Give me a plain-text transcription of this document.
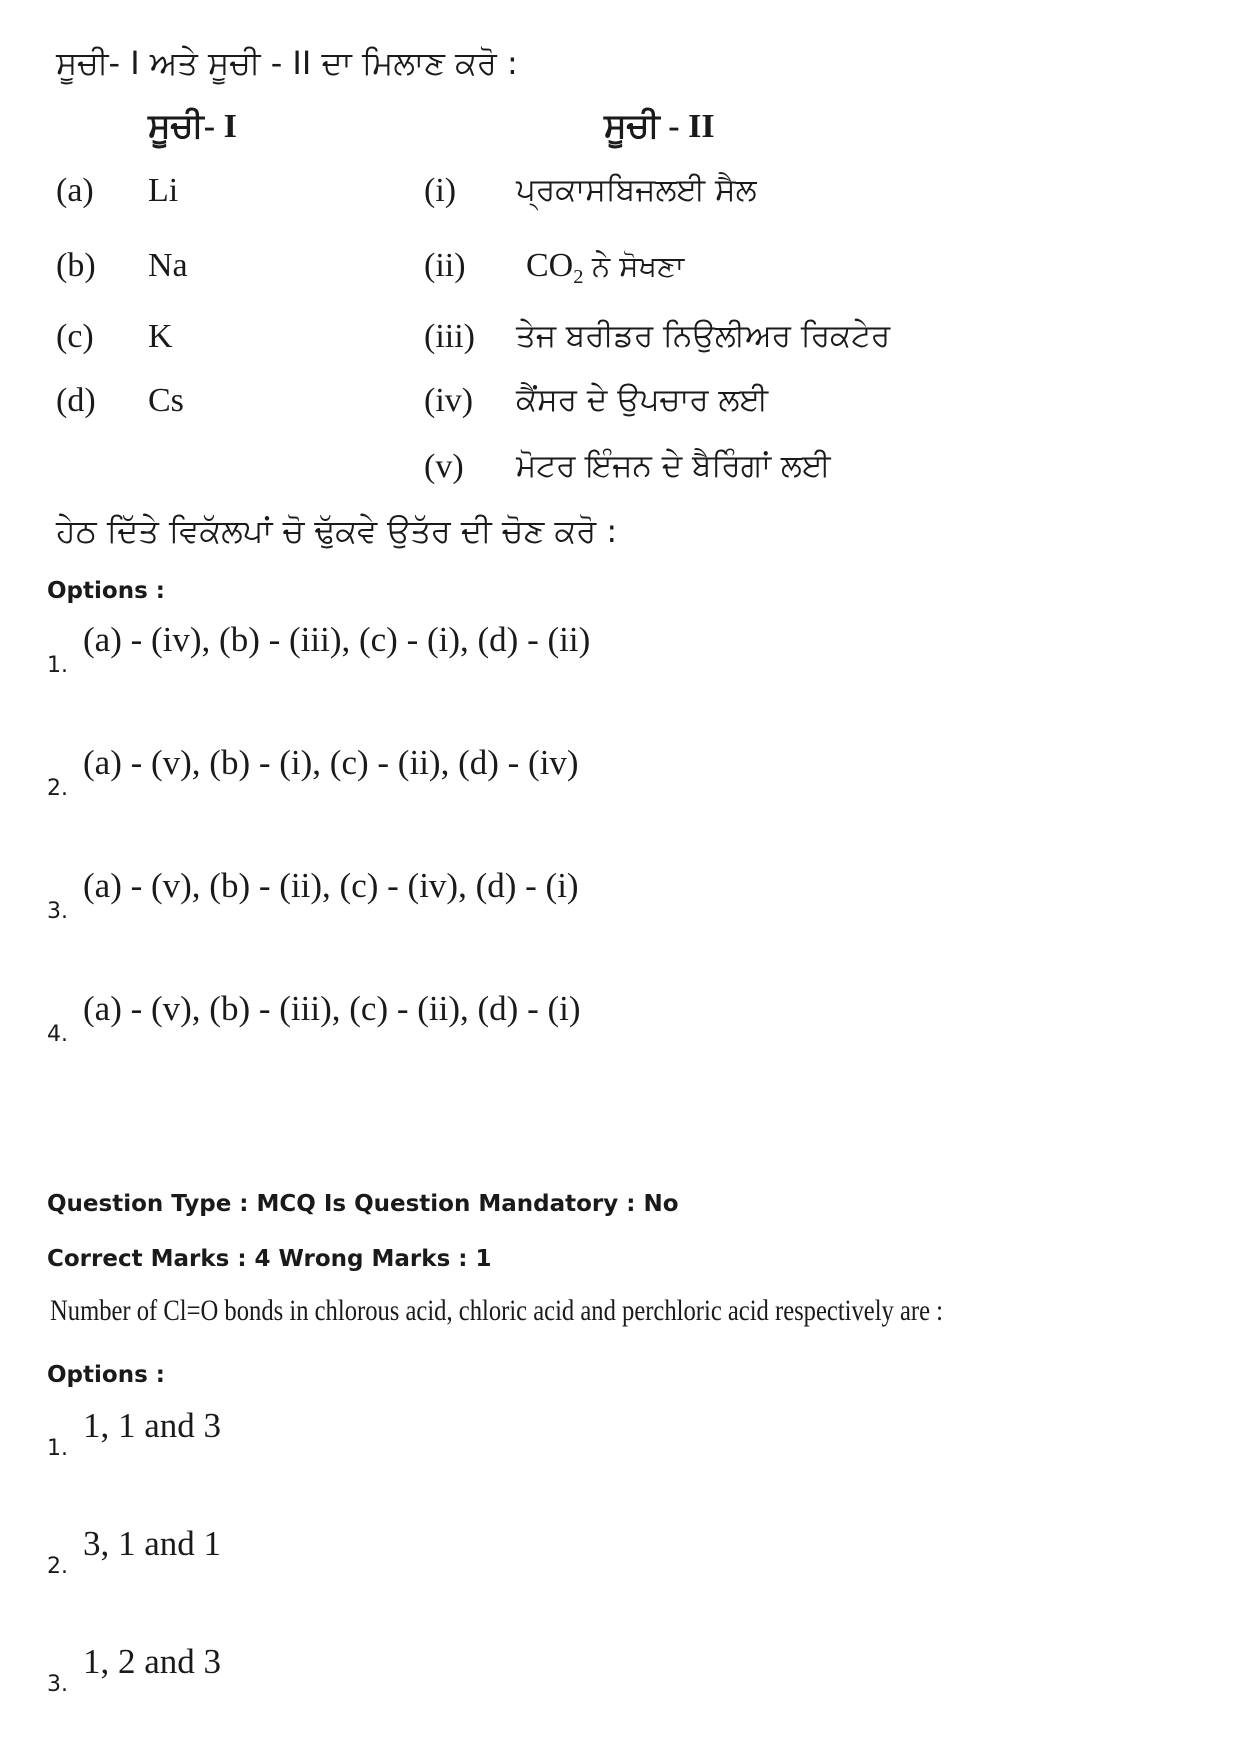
ਸੂਚੀ- I ਅਤੇ ਸੂਚੀ - II ਦਾ ਮਿਲਾਣ ਕਰੋ :
ਸੂਚੀ- I	ਸੂਚੀ - II
(a) Li
(b) Na
(c) K
(d) Cs
(i) ਪ੍ਰਕਾਸਬਿਜਲਈ ਸੈਲ
(ii) $CO_2$ ਨੇ ਸੋਖਣਾ
(iii) ਤੇਜ ਬਰੀਡਰ ਨਿਉਲੀਅਰ ਰਿਕਟੇਰ
(iv) ਕੈਂਸਰ ਦੇ ਉਪਚਾਰ ਲਈ
(v) ਮੋਟਰ ਇੰਜਨ ਦੇ ਬੈਰਿੰਗਾਂ ਲਈ
ਹੇਠ ਦਿੱਤੇ ਵਿਕੱਲਪਾਂ ਚੋ ਢੁੱਕਵੇ ਉਤੱਰ ਦੀ ਚੋਣ ਕਰੋ :
Options :
1.
(a) - (iv), (b) - (iii), (c) - (i), (d) - (ii)
2.
(a) - (v), (b) - (i), (c) - (ii), (d) - (iv)
3.
(a) - (v), (b) - (ii), (c) - (iv), (d) - (i)
4.
(a) - (v), (b) - (iii), (c) - (ii), (d) - (i)
Question Type : MCQ Is Question Mandatory : No
Correct Marks : 4 Wrong Marks : 1
Number of Cl=O bonds in chlorous acid, chloric acid and perchloric acid respectively are :
Options :
1.
1, 1 and 3
2.
3, 1 and 1
3.
1, 2 and 3
